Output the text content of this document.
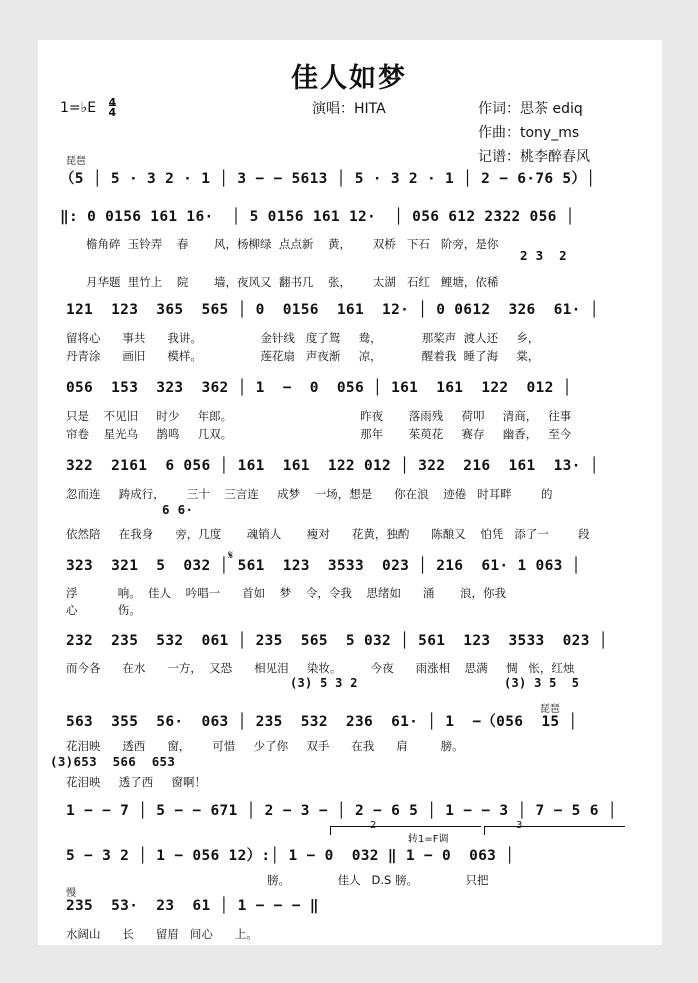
佳人如梦
1=♭E 4
4	演唱：HITA	作词：思茶 ediq
作曲：tony_ms
记谱：桃李醉春风
琵琶
（5 │ 5 · 3 2 · 1 │ 3 − − 5613 │ 5 · 3 2 · 1 │ 2 − 6·76 5）│
‖: 0 0156 161 16·  │ 5 0156 161 12·  │ 056 612 2322 056 │
檐角碎  玉铃弄    春       风，杨柳绿  点点新    黄，      双桥   下石   阶旁，是你
2 3  2
月华题  里竹上    院       墙，夜风又  翻书几    张，      太湖   石红   鲤塘，依稀
121  123  365  565 │ 0  0156  161  12· │ 0 0612  326  61· │
留将心      事共      我讲。                金针线   度了鸳     鸯，           那桨声  渡人还     乡，
丹青涂      画旧      模样。                莲花扇   声夜渐     凉，           醒着我  睡了海     棠，
056  153  323  362 │ 1  −  0  056 │ 161  161  122  012 │
只是    不见旧     时少     年郎。                                   昨夜       落雨残     荷叩     清商，   往事
帘卷    星光乌     鹊鸣     几双。                                   那年       茱萸花     赛存     幽香，   至今
322  2161  6 056 │ 161  161  122 012 │ 322  216  161  13· │
忽而连     踌成行，      三十    三言连     成梦    一场，想是      你在浪    迹倦   时耳畔        的
6 6·
依然陪     在我身      旁，几度       魂销人       瘦对      花黄，独酌      陈酿又    怕凭   添了一        段
𝄋
323  321  5  032 │ 561  123  3533  023 │ 216  61· 1 063 │
浮           响。  佳人    吟唱一      首如    梦    令，令我    思绪如      涌       浪，你我
心           伤。
232  235  532  061 │ 235  565  5 032 │ 561  123  3533  023 │
而今各      在水      一方，  又恐      相见泪     染妆。        今夜      雨涨相    思满     惆   怅，红烛
(3) 5 3 2	(3) 3 5  5
琵琶
563  355  56·  063 │ 235  532  236  61· │ 1  −（056  15 │
花泪映      透西      窗，      可惜     少了你     双手      在我      肩         膀。
(3)653  566  653
花泪映     透了西     窗啊！
1 − − 7 │ 5 − − 671 │ 2 − 3 − │ 2 − 6 5 │ 1 − − 3 │ 7 − 5 6 │
2
转1=F调
3
5 − 3 2 │ 1 − 056 12）:│ 1 − 0  032 ‖ 1 − 0  063 │
膀。             佳人   D.S 膀。             只把
慢
235  53·  23  61 │ 1 − − − ‖
水阔山      长      留眉   间心      上。
